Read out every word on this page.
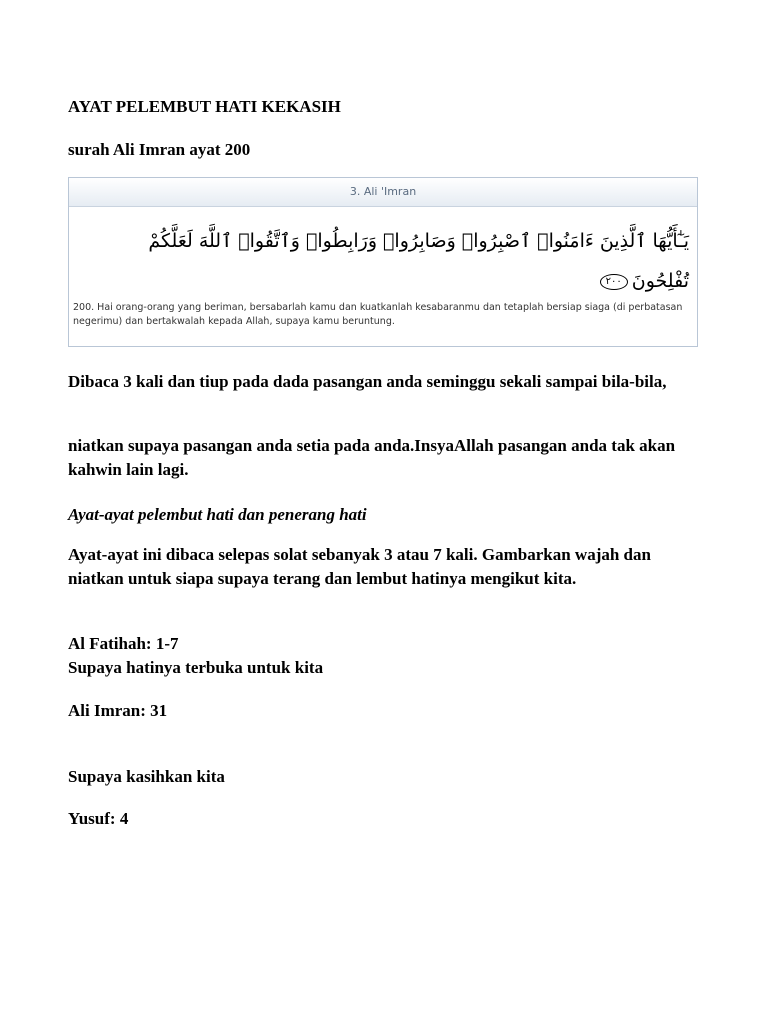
AYAT PELEMBUT HATI KEKASIH

surah Ali Imran ayat 200

3. Ali 'Imran
يَـٰٓأَيُّهَا ٱلَّذِينَ ءَامَنُوا۟ ٱصْبِرُوا۟ وَصَابِرُوا۟ وَرَابِطُوا۟ وَٱتَّقُوا۟ ٱللَّهَ لَعَلَّكُمْ
تُفْلِحُونَ٢٠٠
200. Hai orang-orang yang beriman, bersabarlah kamu dan kuatkanlah kesabaranmu dan tetaplah bersiap siaga (di perbatasan negerimu) dan bertakwalah kepada Allah, supaya kamu beruntung.

Dibaca 3 kali dan tiup pada dada pasangan anda seminggu sekali sampai bila-bila,

niatkan supaya pasangan anda setia pada anda.InsyaAllah pasangan anda tak akan kahwin lain lagi.

Ayat-ayat pelembut hati dan penerang hati

Ayat-ayat ini dibaca selepas solat sebanyak 3 atau 7 kali. Gambarkan wajah dan niatkan untuk siapa supaya terang dan lembut hatinya mengikut kita.

Al Fatihah: 1-7
Supaya hatinya terbuka untuk kita

Ali Imran: 31

Supaya kasihkan kita

Yusuf: 4
